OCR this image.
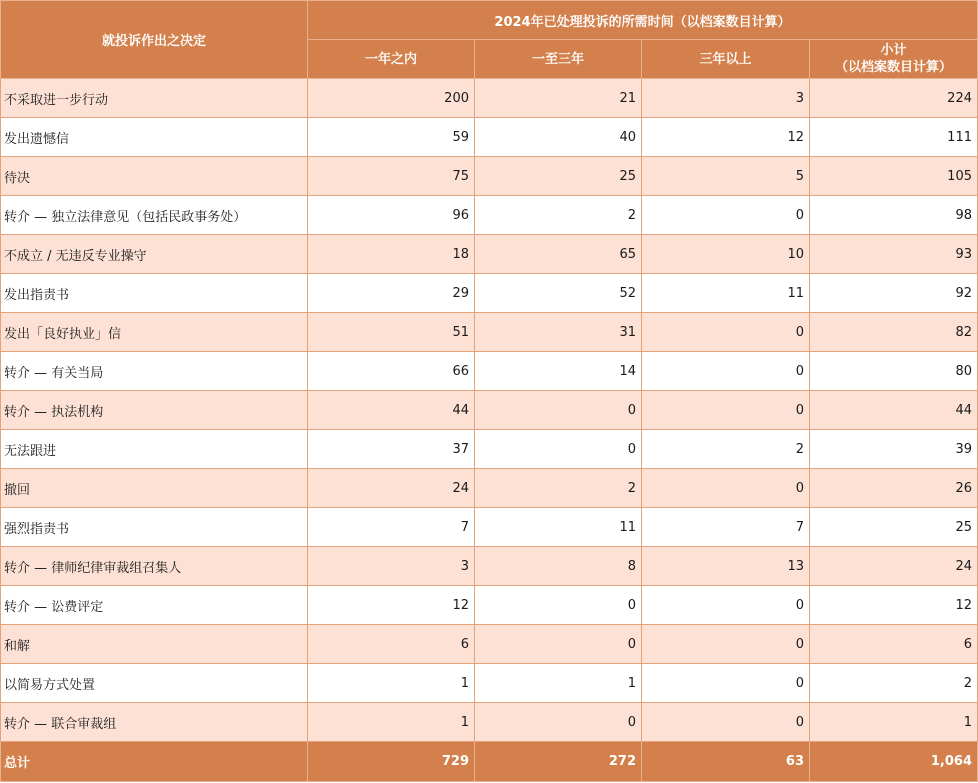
就投诉作出之决定	2024年已处理投诉的所需时间（以档案数目计算）			
	一年之内	一至三年	三年以上	小计
（以档案数目计算）

不采取进一步行动	200	21	3	224
发出遗憾信	59	40	12	111
待决	75	25	5	105
转介 — 独立法律意见（包括民政事务处）	96	2	0	98
不成立 / 无违反专业操守	18	65	10	93
发出指责书	29	52	11	92
发出「良好执业」信	51	31	0	82
转介 — 有关当局	66	14	0	80
转介 — 执法机构	44	0	0	44
无法跟进	37	0	2	39
撤回	24	2	0	26
强烈指责书	7	11	7	25
转介 — 律师纪律审裁组召集人	3	8	13	24
转介 — 讼费评定	12	0	0	12
和解	6	0	0	6
以简易方式处置	1	1	0	2
转介 — 联合审裁组	1	0	0	1
总计	729	272	63	1,064
